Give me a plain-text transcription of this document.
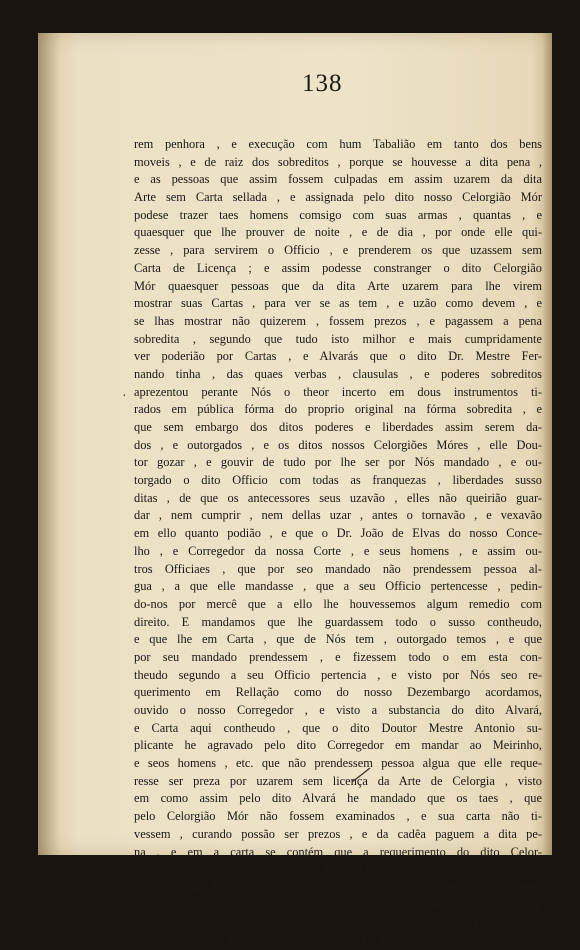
138
·
rem penhora , e execução com hum Tabalião em tanto dos bens
moveis , e de raiz dos sobreditos , porque se houvesse a dita pena ,
e as pessoas que assim fossem culpadas em assim uzarem da dita
Arte sem Carta sellada , e assignada pelo dito nosso Celorgião Mór
podese trazer taes homens comsigo com suas armas , quantas , e
quaesquer que lhe prouver de noite , e de dia , por onde elle qui-
zesse , para servirem o Officio , e prenderem os que uzassem sem
Carta de Licença ; e assim podesse constranger o dito Celorgião
Mór quaesquer pessoas que da dita Arte uzarem para lhe virem
mostrar suas Cartas , para ver se as tem , e uzão como devem , e
se lhas mostrar não quizerem , fossem prezos , e pagassem a pena
sobredita , segundo que tudo isto milhor e mais cumpridamente
ver poderião por Cartas , e Alvarás que o dito Dr. Mestre Fer-
nando tinha , das quaes verbas , clausulas , e poderes sobreditos
aprezentou perante Nós o theor incerto em dous instrumentos ti-
rados em pública fórma do proprio original na fórma sobredita , e
que sem embargo dos ditos poderes e liberdades assim serem da-
dos , e outorgados , e os ditos nossos Celorgiões Móres , elle Dou-
tor gozar , e gouvir de tudo por lhe ser por Nós mandado , e ou-
torgado o dito Officio com todas as franquezas , liberdades susso
ditas , de que os antecessores seus uzavão , elles não queirião guar-
dar , nem cumprir , nem dellas uzar , antes o tornavão , e vexavão
em ello quanto podião , e que o Dr. João de Elvas do nosso Conce-
lho , e Corregedor da nossa Corte , e seus homens , e assim ou-
tros Officiaes , que por seo mandado não prendessem pessoa al-
gua , a que elle mandasse , que a seu Officio pertencesse , pedin-
do-nos por mercê que a ello lhe houvessemos algum remedio com
direito. E mandamos que lhe guardassem todo o susso contheudo,
e que lhe em Carta , que de Nós tem , outorgado temos , e que
por seu mandado prendessem , e fizessem todo o em esta con-
theudo segundo a seu Officio pertencia , e visto por Nós seo re-
querimento em Rellação como do nosso Dezembargo acordamos,
ouvido o nosso Corregedor , e visto a substancia do dito Alvará,
e Carta aqui contheudo , que o dito Doutor Mestre Antonio su-
plicante he agravado pelo dito Corregedor em mandar ao Meirinho,
e seos homens , etc. que não prendessem pessoa algua que elle reque-
resse ser preza por uzarem sem licença da Arte de Celorgia , visto
em como assim pelo dito Alvará he mandado que os taes , que
pelo Celorgião Mór não fossem examinados , e sua carta não ti-
vessem , curando possão ser prezos , e da cadêa paguem a dita pe-
na , e em a carta se contém que a requerimento do dito Celor-
gião Mór sejão prezos pelos ditos Officiaes , e não soltos sem
mandado do dito Celorgião , e elle possa trazer homens , para pren-
derem os que assim forem achados curar sem licença e carta. E
porém mandamos ao dito Corregedor que não dê mais pejo , nem
tórva ao dito Mestre Antonio uzar e dever uzar do em a dita
